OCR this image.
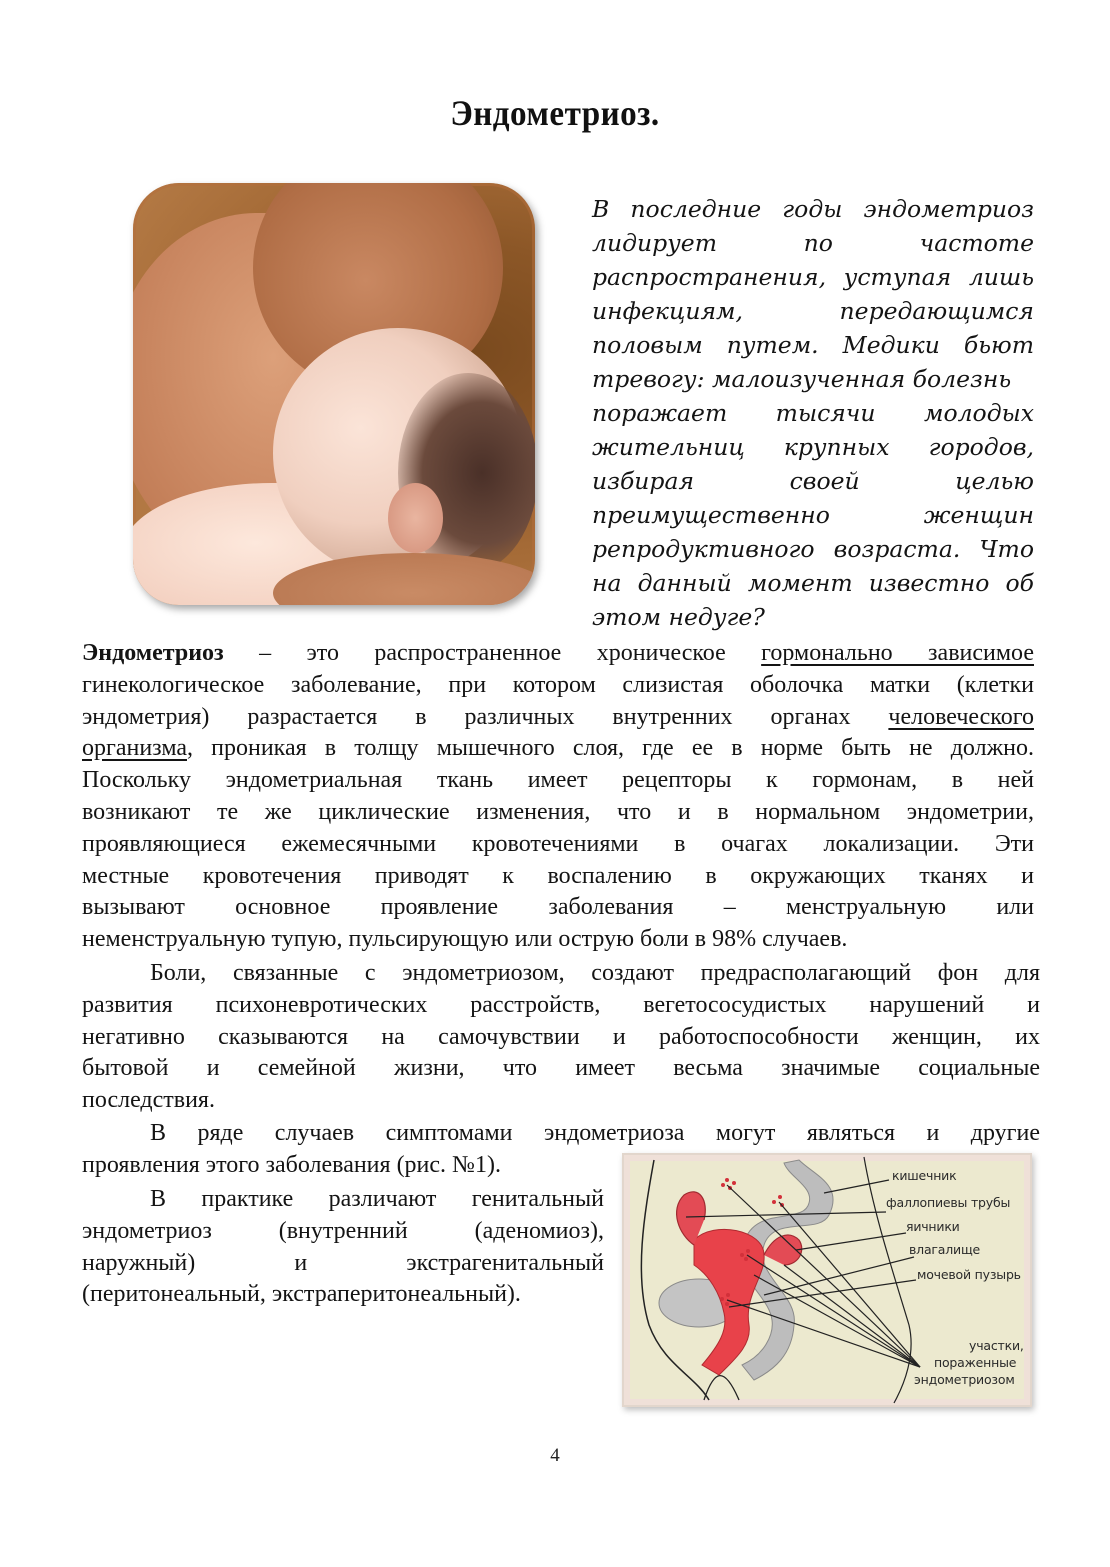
Эндометриоз.
В последние годы эндометриоз
лидирует по частоте
распространения, уступая лишь
инфекциям, передающимся
половым путем. Медики бьют
тревогу: малоизученная болезнь
поражает тысячи молодых
жительниц крупных городов,
избирая своей целью
преимущественно женщин
репродуктивного возраста. Что
на данный момент известно об
этом недуге?
Эндометриоз – это распространенное хроническое гормонально зависимое
гинекологическое заболевание, при котором слизистая оболочка матки (клетки
эндометрия) разрастается в различных внутренних органах человеческого
организма, проникая в толщу мышечного слоя, где ее в норме быть не должно.
Поскольку эндометриальная ткань имеет рецепторы к гормонам, в ней
возникают те же циклические изменения, что и в нормальном эндометрии,
проявляющиеся ежемесячными кровотечениями в очагах локализации. Эти
местные кровотечения приводят к воспалению в окружающих тканях и
вызывают основное проявление заболевания – менструальную или
неменструальную тупую, пульсирующую или острую боли в 98% случаев.
Боли, связанные с эндометриозом, создают предрасполагающий фон для
развития психоневротических расстройств, вегетососудистых нарушений и
негативно сказываются на самочувствии и работоспособности женщин, их
бытовой и семейной жизни, что имеет весьма значимые социальные
последствия.
В ряде случаев симптомами эндометриоза могут являться и другие
проявления этого заболевания (рис. №1).
В практике различают генитальный
эндометриоз (внутренний (аденомиоз),
наружный) и экстрагенитальный
(перитонеальный, экстраперитонеальный).
кишечник
фаллопиевы трубы
яичники
влагалище
мочевой пузырь
участки,
пораженные
эндометриозом
4
